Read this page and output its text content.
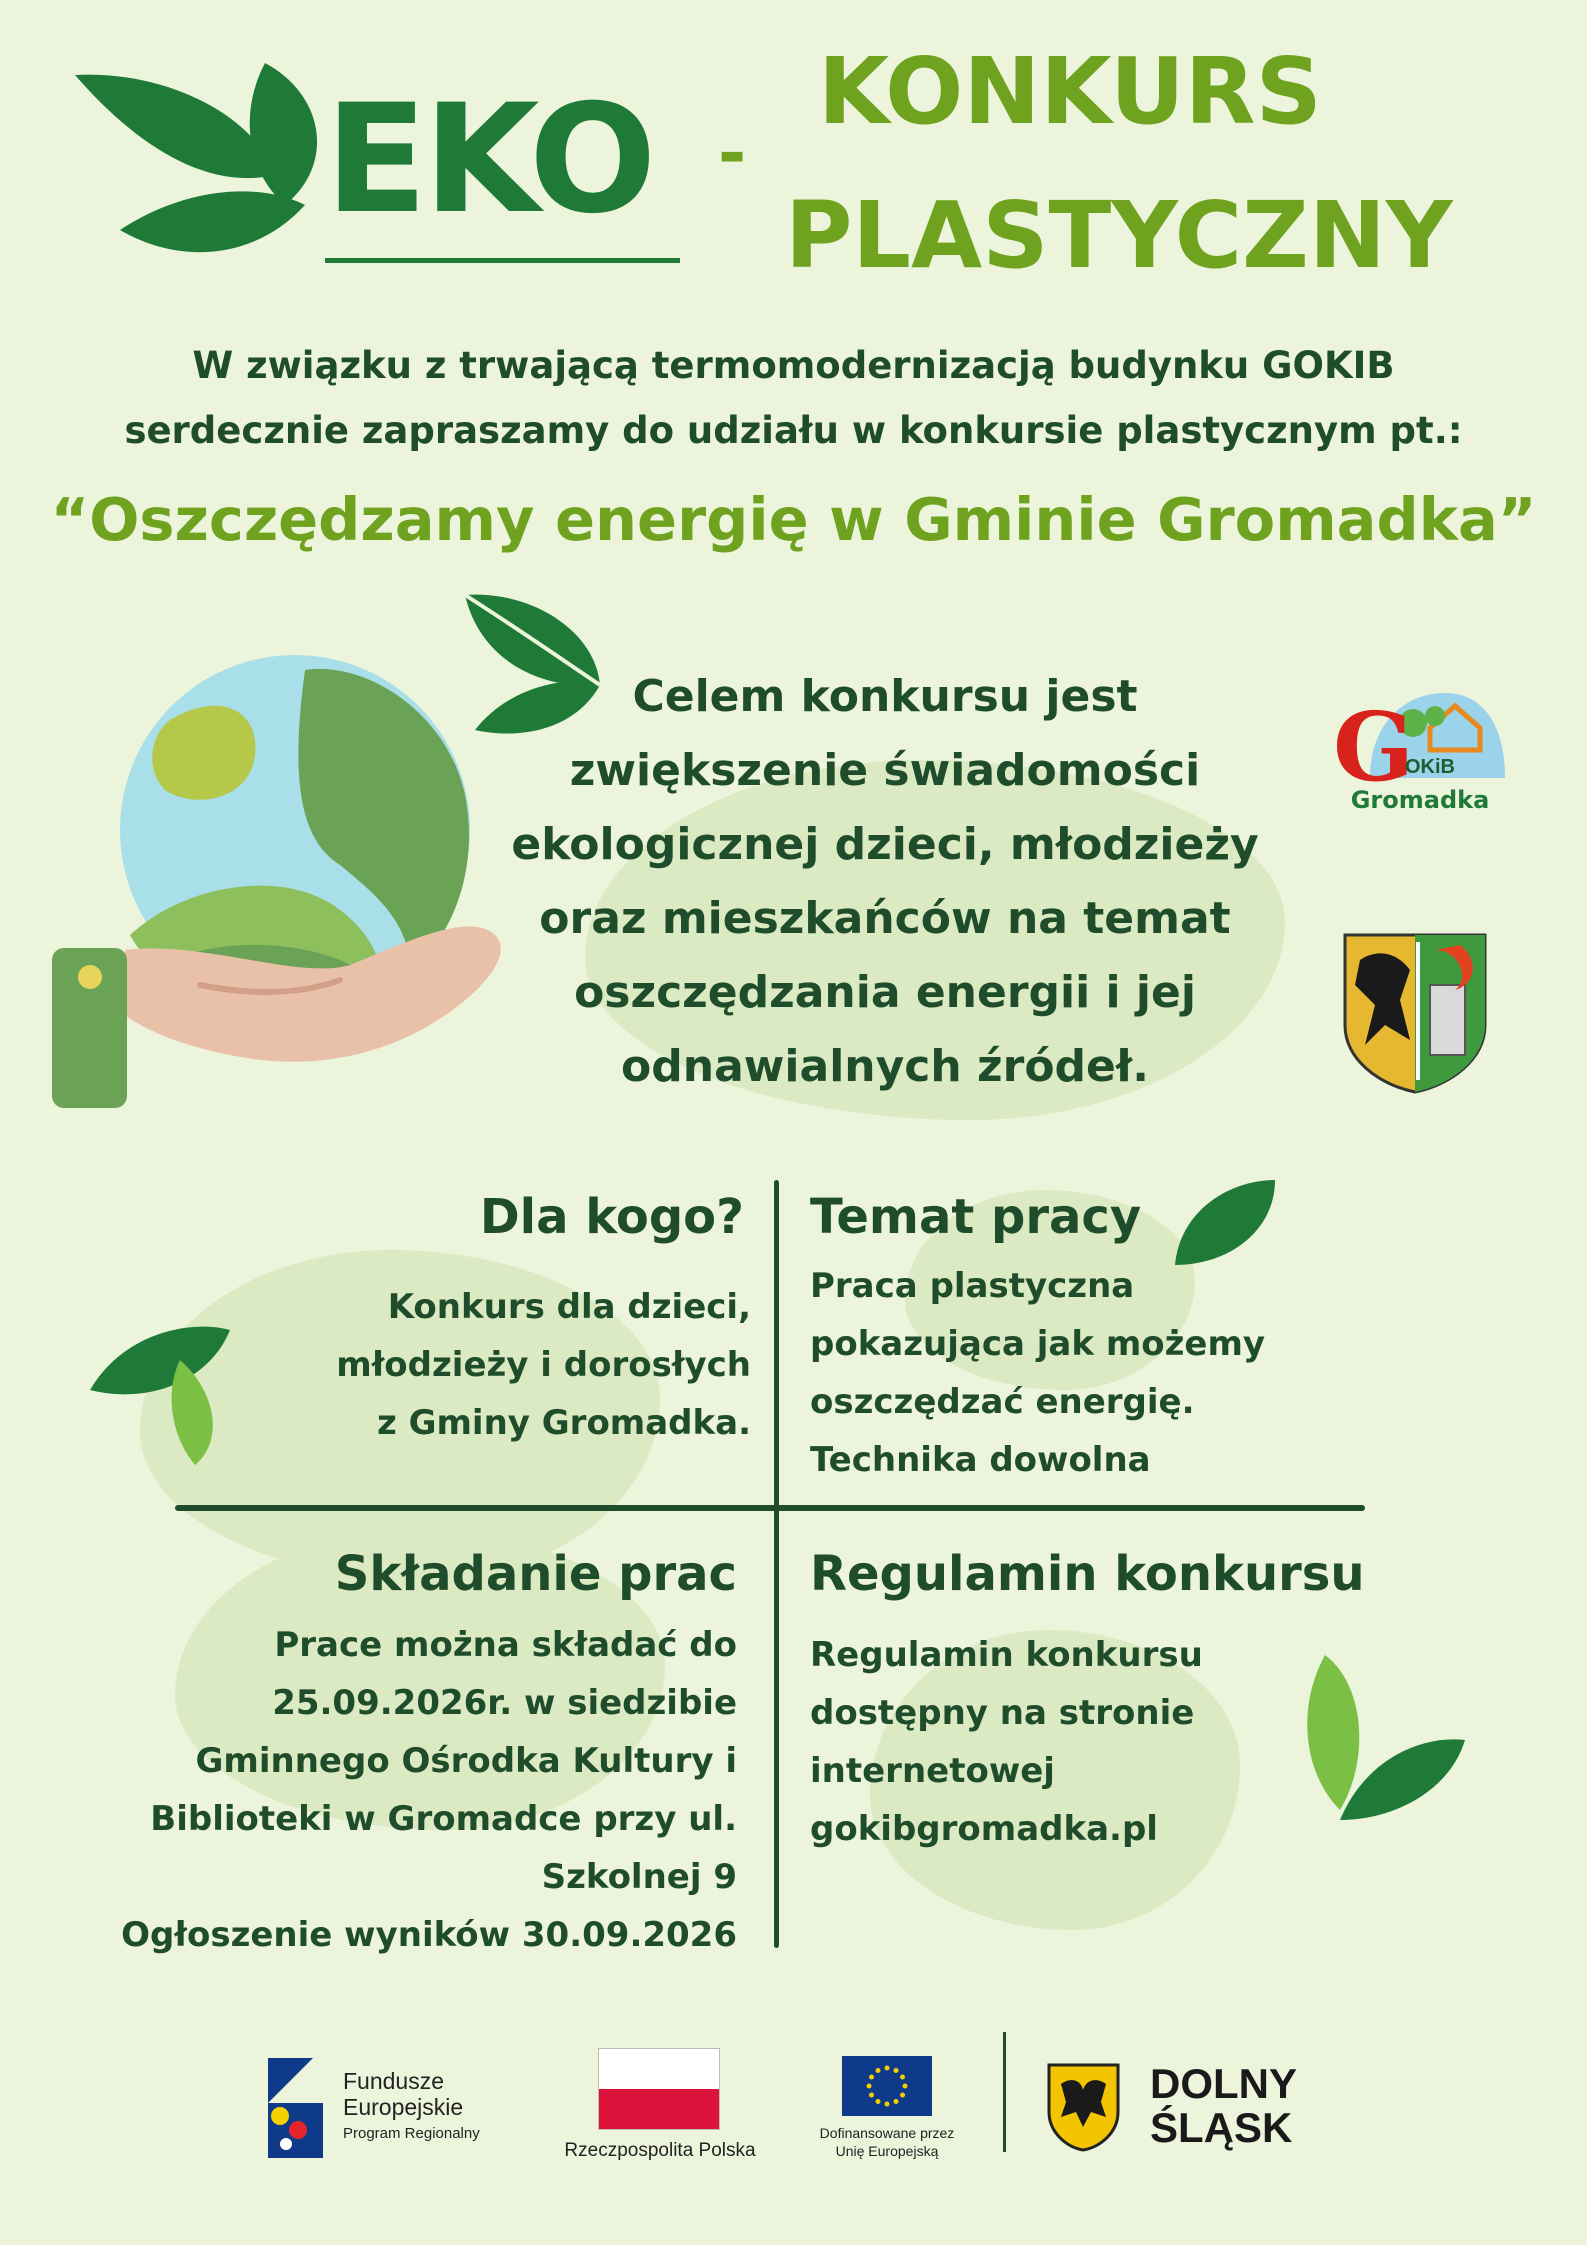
EKO -
KONKURS
PLASTYCZNY
W związku z trwającą termomodernizacją budynku GOKIB
serdecznie zapraszamy do udziału w konkursie plastycznym pt.:
“Oszczędzamy energię w Gminie Gromadka”
Celem konkursu jest
zwiększenie świadomości
ekologicznej dzieci, młodzieży
oraz mieszkańców na temat
oszczędzania energii i jej
odnawialnych źródeł.
G
OKiB
Gromadka
Dla kogo?
Konkurs dla dzieci,
młodzieży i dorosłych
z Gminy Gromadka.
Temat pracy
Praca plastyczna
pokazująca jak możemy
oszczędzać energię.
Technika dowolna
Składanie prac
Prace można składać do
25.09.2026r. w siedzibie
Gminnego Ośrodka Kultury i
Biblioteki w Gromadce przy ul.
Szkolnej 9
Ogłoszenie wyników 30.09.2026
Regulamin konkursu
Regulamin konkursu
dostępny na stronie
internetowej
gokibgromadka.pl
Fundusze
Europejskie
Program Regionalny
Rzeczpospolita Polska
Dofinansowane przez
Unię Europejską
DOLNY
ŚLĄSK
